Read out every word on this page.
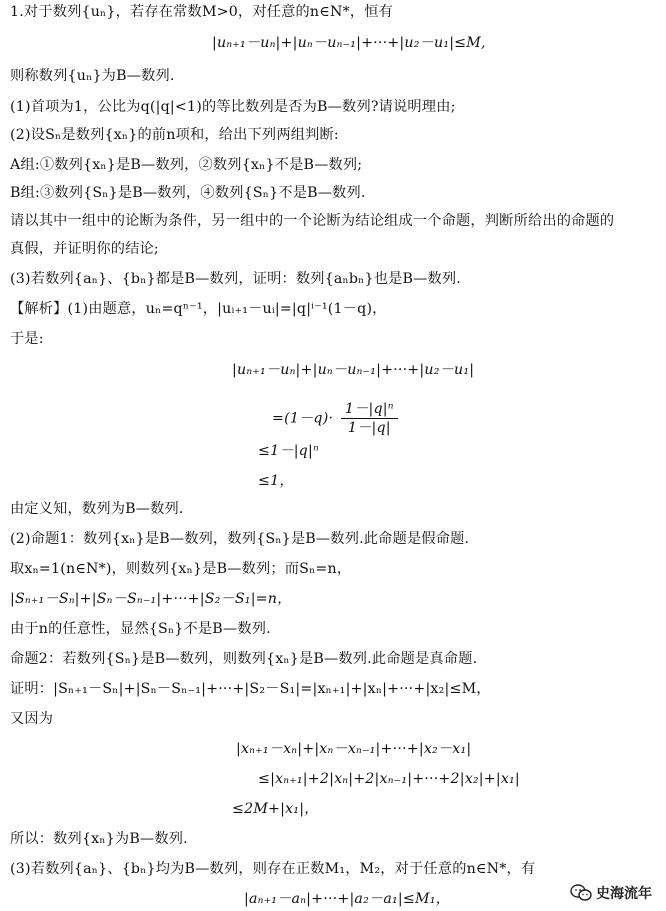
1.对于数列{uₙ}，若存在常数M>0，对任意的n∈N*，恒有
|uₙ₊₁－uₙ|+|uₙ－uₙ₋₁|+···+|u₂－u₁|≤M,
则称数列{uₙ}为B—数列.
(1)首项为1，公比为q(|q|<1)的等比数列是否为B—数列?请说明理由;
(2)设Sₙ是数列{xₙ}的前n项和，给出下列两组判断:
A组:①数列{xₙ}是B—数列，②数列{xₙ}不是B—数列;
B组:③数列{Sₙ}是B—数列，④数列{Sₙ}不是B—数列.
请以其中一组中的论断为条件，另一组中的一个论断为结论组成一个命题，判断所给出的命题的
真假，并证明你的结论;
(3)若数列{aₙ}、{bₙ}都是B—数列，证明：数列{aₙbₙ}也是B—数列.
【解析】(1)由题意，uₙ=qⁿ⁻¹，|uᵢ₊₁－uᵢ|=|q|ⁱ⁻¹(1－q)，
于是:
|uₙ₊₁－uₙ|+|uₙ－uₙ₋₁|+···+|u₂－u₁|
$=(1-q)\cdot \frac{\text{1－|q|ⁿ}}{1-|q|}$
≤1－|q|ⁿ
≤1，
由定义知，数列为B—数列.
(2)命题1：数列{xₙ}是B—数列，数列{Sₙ}是B—数列.此命题是假命题.
取xₙ=1(n∈N*)，则数列{xₙ}是B—数列；而Sₙ=n，
|Sₙ₊₁－Sₙ|+|Sₙ－Sₙ₋₁|+···+|S₂－S₁|=n，
由于n的任意性，显然{Sₙ}不是B—数列.
命题2：若数列{Sₙ}是B—数列，则数列{xₙ}是B—数列.此命题是真命题.
证明：|Sₙ₊₁－Sₙ|+|Sₙ－Sₙ₋₁|+···+|S₂－S₁|=|xₙ₊₁|+|xₙ|+···+|x₂|≤M，
又因为
|xₙ₊₁－xₙ|+|xₙ－xₙ₋₁|+···+|x₂－x₁|
≤|xₙ₊₁|+2|xₙ|+2|xₙ₋₁|+···+2|x₂|+|x₁|
≤2M+|x₁|，
所以：数列{xₙ}为B—数列.
(3)若数列{aₙ}、{bₙ}均为B—数列，则存在正数M₁，M₂，对于任意的n∈N*，有
|aₙ₊₁－aₙ|+···+|a₂－a₁|≤M₁，	史海流年
